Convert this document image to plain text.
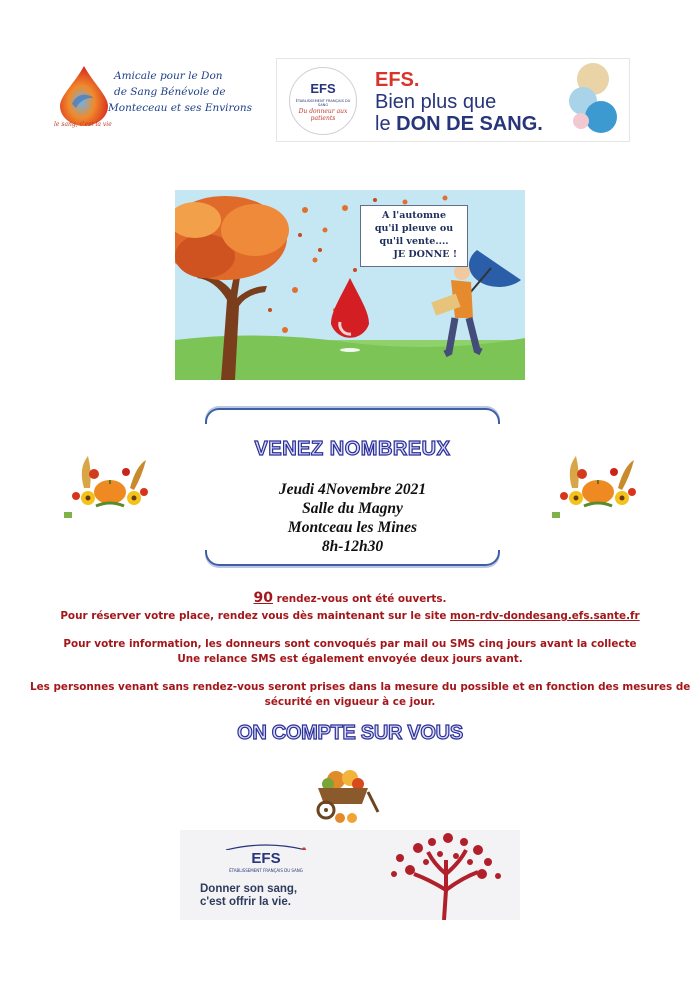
Amicale pour le Don
de Sang Bénévole de
Monteceau et ses Environs
le sang, c'est la vie
EFS
ÉTABLISSEMENT FRANÇAIS DU SANG
Du donneur aux patients
EFS.
Bien plus que
le DON DE SANG.
A l'automne
qu'il pleuve ou
qu'il vente....
JE DONNE !
VENEZ NOMBREUX
Jeudi 4Novembre 2021
Salle du Magny
Montceau les Mines
8h-12h30
90 rendez-vous ont été ouverts.
Pour réserver votre place, rendez vous dès maintenant sur le site mon-rdv-dondesang.efs.sante.fr
Pour votre information, les donneurs sont convoqués par mail ou SMS cinq jours avant la collecte
Une relance SMS est également envoyée deux jours avant.
Les personnes venant sans rendez-vous seront prises dans la mesure du possible et en fonction des mesures de
sécurité en vigueur à ce jour.
ON COMPTE SUR VOUS
EFS
ÉTABLISSEMENT FRANÇAIS DU SANG
Donner son sang,
c'est offrir la vie.
